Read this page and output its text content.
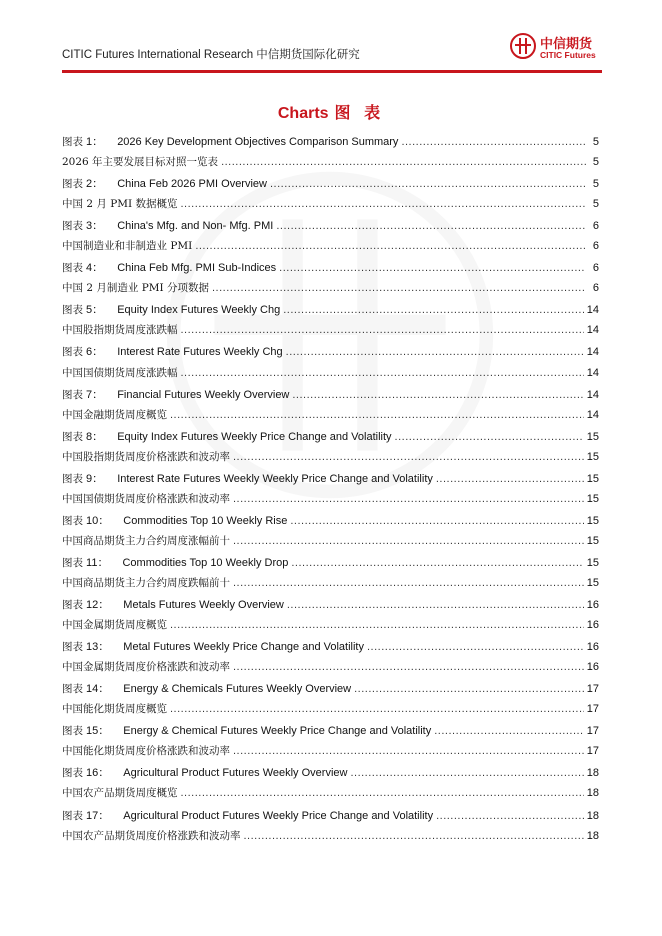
CITIC Futures International Research 中信期货国际化研究
中信期货
CITIC Futures
Charts 图 表
图表 1： 2026 Key Development Objectives Comparison Summary .....	5
2026 年主要发展目标对照一览表 .....	5
图表 2： China Feb 2026 PMI Overview .....	5
中国 2 月 PMI 数据概览 .....	5
图表 3： China's Mfg. and Non- Mfg. PMI .....	6
中国制造业和非制造业 PMI .....	6
图表 4： China Feb Mfg. PMI Sub-Indices .....	6
中国 2 月制造业 PMI 分项数据 .....	6
图表 5： Equity Index Futures Weekly Chg .....	14
中国股指期货周度涨跌幅 .....	14
图表 6： Interest Rate Futures Weekly Chg .....	14
中国国债期货周度涨跌幅 .....	14
图表 7： Financial Futures Weekly Overview .....	14
中国金融期货周度概览 .....	14
图表 8： Equity Index Futures Weekly Price Change and Volatility .....	15
中国股指期货周度价格涨跌和波动率 .....	15
图表 9： Interest Rate Futures Weekly Weekly Price Change and Volatility .....	15
中国国债期货周度价格涨跌和波动率 .....	15
图表 10： Commodities Top 10 Weekly Rise .....	15
中国商品期货主力合约周度涨幅前十 .....	15
图表 11： Commodities Top 10 Weekly Drop .....	15
中国商品期货主力合约周度跌幅前十 .....	15
图表 12： Metals Futures Weekly Overview .....	16
中国金属期货周度概览 .....	16
图表 13： Metal Futures Weekly Price Change and Volatility .....	16
中国金属期货周度价格涨跌和波动率 .....	16
图表 14： Energy & Chemicals Futures Weekly Overview .....	17
中国能化期货周度概览 .....	17
图表 15： Energy & Chemical Futures Weekly Price Change and Volatility .....	17
中国能化期货周度价格涨跌和波动率 .....	17
图表 16： Agricultural Product Futures Weekly Overview .....	18
中国农产品期货周度概览 .....	18
图表 17： Agricultural Product Futures Weekly Price Change and Volatility .....	18
中国农产品期货周度价格涨跌和波动率 .....	18
